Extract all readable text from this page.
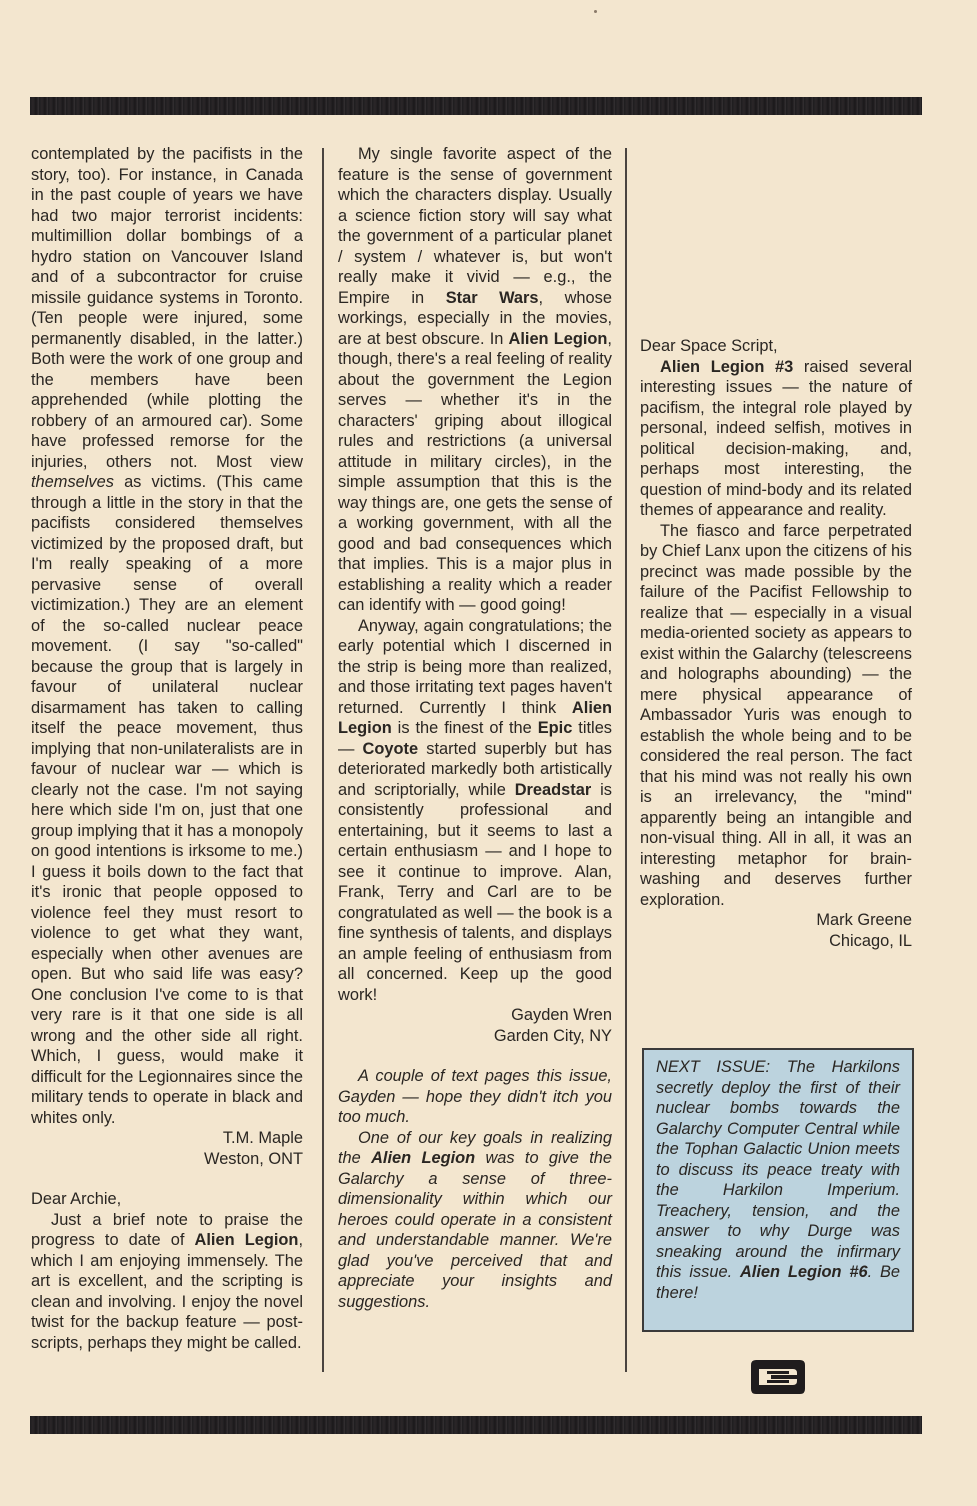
contemplated by the pacifists in the story, too). For instance, in Canada in the past couple of years we have had two major terrorist incidents: multimillion dollar bombings of a hydro station on Vancouver Island and of a subcontractor for cruise missile guidance systems in Toronto. (Ten people were injured, some permanently disabled, in the latter.) Both were the work of one group and the members have been apprehended (while plotting the robbery of an armoured car). Some have professed remorse for the injuries, others not. Most view themselves as victims. (This came through a little in the story in that the pacifists considered themselves victimized by the proposed draft, but I'm really speaking of a more pervasive sense of overall victimization.) They are an element of the so-called nuclear peace movement. (I say "so-called" because the group that is largely in favour of unilateral nuclear disarmament has taken to calling itself the peace movement, thus implying that non-unilateralists are in favour of nuclear war — which is clearly not the case. I'm not saying here which side I'm on, just that one group implying that it has a monopoly on good intentions is irksome to me.) I guess it boils down to the fact that it's ironic that people opposed to violence feel they must resort to violence to get what they want, especially when other avenues are open. But who said life was easy? One conclusion I've come to is that very rare is it that one side is all wrong and the other side all right. Which, I guess, would make it difficult for the Legionnaires since the military tends to operate in black and whites only.

T.M. Maple

Weston, ONT

Dear Archie,

Just a brief note to praise the progress to date of Alien Legion, which I am enjoying immensely. The art is excellent, and the scripting is clean and involving. I enjoy the novel twist for the backup feature — post-scripts, perhaps they might be called.

My single favorite aspect of the feature is the sense of government which the characters display. Usually a science fiction story will say what the government of a particular planet / system / whatever is, but won't really make it vivid — e.g., the Empire in Star Wars, whose workings, especially in the movies, are at best obscure. In Alien Legion, though, there's a real feeling of reality about the government the Legion serves — whether it's in the characters' griping about illogical rules and restrictions (a universal attitude in military circles), in the simple assumption that this is the way things are, one gets the sense of a working government, with all the good and bad consequences which that implies. This is a major plus in establishing a reality which a reader can identify with — good going!

Anyway, again congratulations; the early potential which I discerned in the strip is being more than realized, and those irritating text pages haven't returned. Currently I think Alien Legion is the finest of the Epic titles — Coyote started superbly but has deteriorated markedly both artistically and scriptorially, while Dreadstar is consistently professional and entertaining, but it seems to last a certain enthusiasm — and I hope to see it continue to improve. Alan, Frank, Terry and Carl are to be congratulated as well — the book is a fine synthesis of talents, and displays an ample feeling of enthusiasm from all concerned. Keep up the good work!

Gayden Wren

Garden City, NY

A couple of text pages this issue, Gayden — hope they didn't itch you too much.

One of our key goals in realizing the Alien Legion was to give the Galarchy a sense of three-dimensionality within which our heroes could operate in a consistent and understandable manner. We're glad you've perceived that and appreciate your insights and suggestions.

Dear Space Script,

Alien Legion #3 raised several interesting issues — the nature of pacifism, the integral role played by personal, indeed selfish, motives in political decision-making, and, perhaps most interesting, the question of mind-body and its related themes of appearance and reality.

The fiasco and farce perpetrated by Chief Lanx upon the citizens of his precinct was made possible by the failure of the Pacifist Fellowship to realize that — especially in a visual media-oriented society as appears to exist within the Galarchy (telescreens and holographs abounding) — the mere physical appearance of Ambassador Yuris was enough to establish the whole being and to be considered the real person. The fact that his mind was not really his own is an irrelevancy, the "mind" apparently being an intangible and non-visual thing. All in all, it was an interesting metaphor for brain-washing and deserves further exploration.

Mark Greene

Chicago, IL

NEXT ISSUE: The Harkilons secretly deploy the first of their nuclear bombs towards the Galarchy Computer Central while the Tophan Galactic Union meets to discuss its peace treaty with the Harkilon Imperium. Treachery, tension, and the answer to why Durge was sneaking around the infirmary this issue. Alien Legion #6. Be there!
